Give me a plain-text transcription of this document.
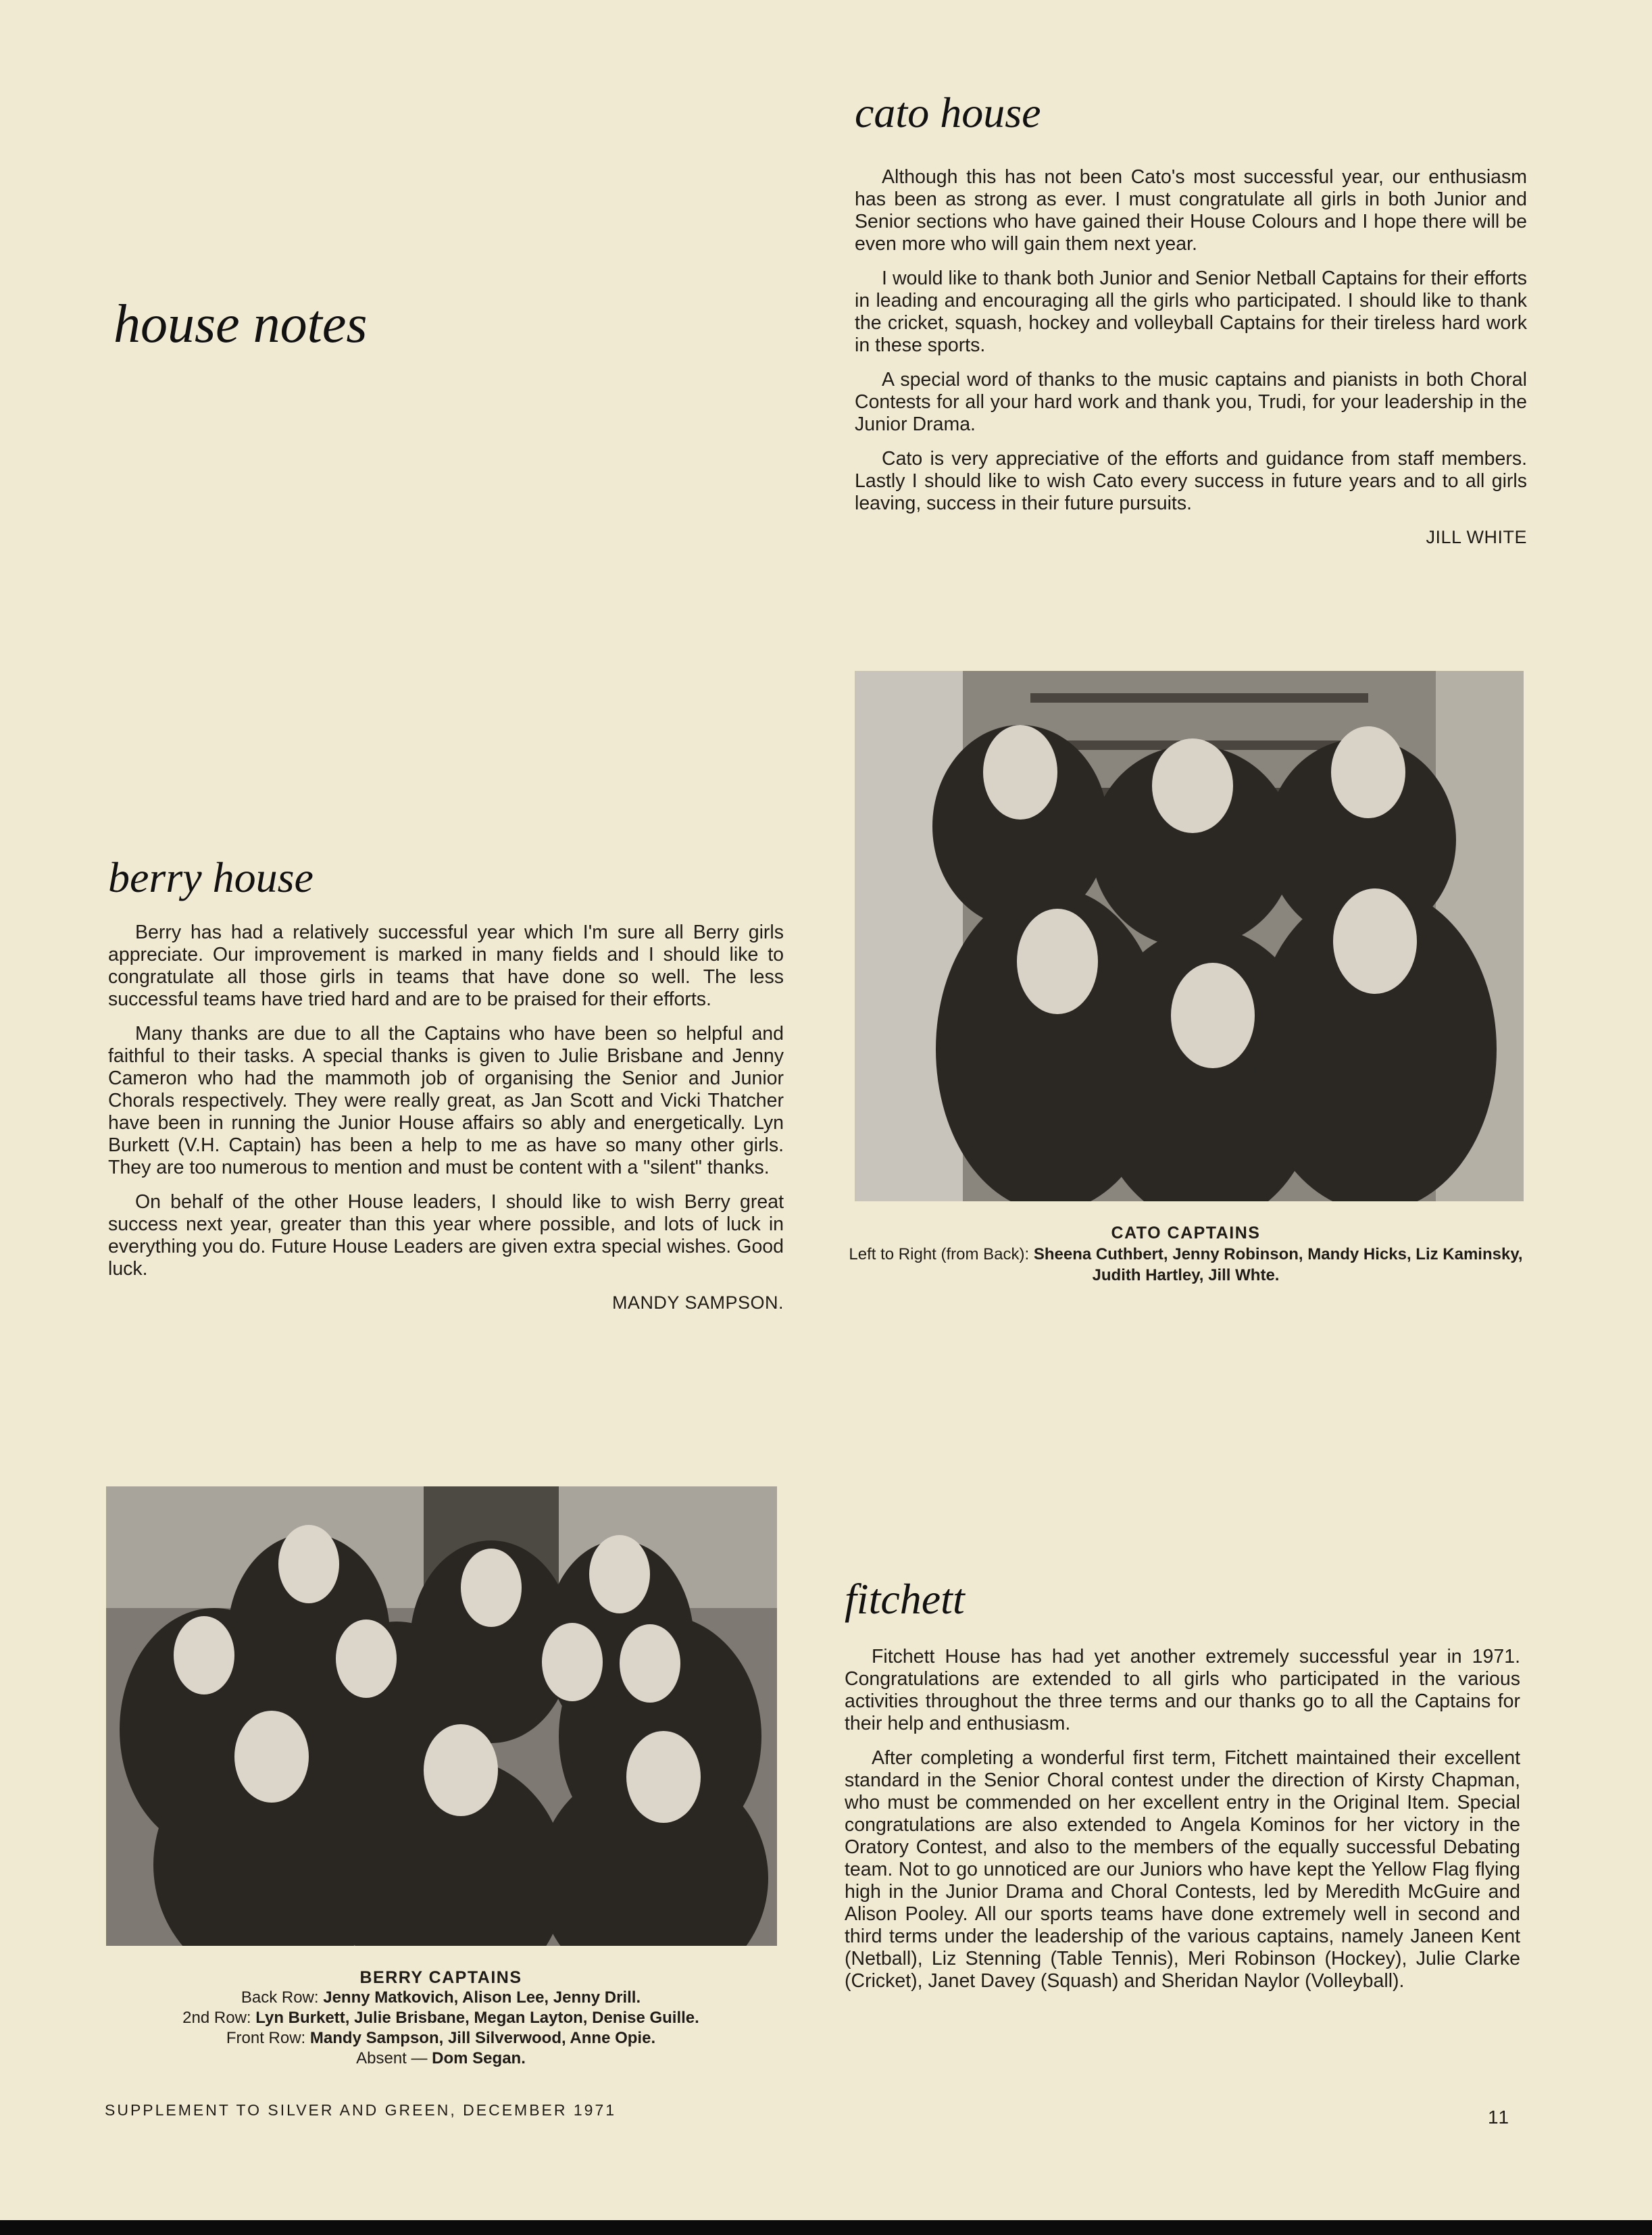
house notes
cato house

Although this has not been Cato's most successful year, our enthusiasm has been as strong as ever. I must congratulate all girls in both Junior and Senior sections who have gained their House Colours and I hope there will be even more who will gain them next year.

I would like to thank both Junior and Senior Netball Captains for their efforts in leading and encouraging all the girls who participated. I should like to thank the cricket, squash, hockey and volleyball Captains for their tireless hard work in these sports.

A special word of thanks to the music captains and pianists in both Choral Contests for all your hard work and thank you, Trudi, for your leadership in the Junior Drama.

Cato is very appreciative of the efforts and guidance from staff members. Lastly I should like to wish Cato every success in future years and to all girls leaving, success in their future pursuits.

JILL WHITE
CATO CAPTAINS
Left to Right (from Back): Sheena Cuthbert, Jenny Robinson, Mandy Hicks, Liz Kaminsky, Judith Hartley, Jill Whte.
berry house

Berry has had a relatively successful year which I'm sure all Berry girls appreciate. Our improvement is marked in many fields and I should like to congratulate all those girls in teams that have done so well. The less successful teams have tried hard and are to be praised for their efforts.

Many thanks are due to all the Captains who have been so helpful and faithful to their tasks. A special thanks is given to Julie Brisbane and Jenny Cameron who had the mammoth job of organising the Senior and Junior Chorals respectively. They were really great, as Jan Scott and Vicki Thatcher have been in running the Junior House affairs so ably and energetically. Lyn Burkett (V.H. Captain) has been a help to me as have so many other girls. They are too numerous to mention and must be content with a "silent" thanks.

On behalf of the other House leaders, I should like to wish Berry great success next year, greater than this year where possible, and lots of luck in everything you do. Future House Leaders are given extra special wishes. Good luck.

MANDY SAMPSON.
BERRY CAPTAINS
Back Row: Jenny Matkovich, Alison Lee, Jenny Drill.
2nd Row: Lyn Burkett, Julie Brisbane, Megan Layton, Denise Guille.
Front Row: Mandy Sampson, Jill Silverwood, Anne Opie.
Absent — Dom Segan.
fitchett

Fitchett House has had yet another extremely successful year in 1971. Congratulations are extended to all girls who participated in the various activities throughout the three terms and our thanks go to all the Captains for their help and enthusiasm.

After completing a wonderful first term, Fitchett maintained their excellent standard in the Senior Choral contest under the direction of Kirsty Chapman, who must be commended on her excellent entry in the Original Item. Special congratulations are also extended to Angela Kominos for her victory in the Oratory Contest, and also to the members of the equally successful Debating team. Not to go unnoticed are our Juniors who have kept the Yellow Flag flying high in the Junior Drama and Choral Contests, led by Meredith McGuire and Alison Pooley. All our sports teams have done extremely well in second and third terms under the leadership of the various captains, namely Janeen Kent (Netball), Liz Stenning (Table Tennis), Meri Robinson (Hockey), Julie Clarke (Cricket), Janet Davey (Squash) and Sheridan Naylor (Volleyball).

SUPPLEMENT TO SILVER AND GREEN, DECEMBER 1971	11
